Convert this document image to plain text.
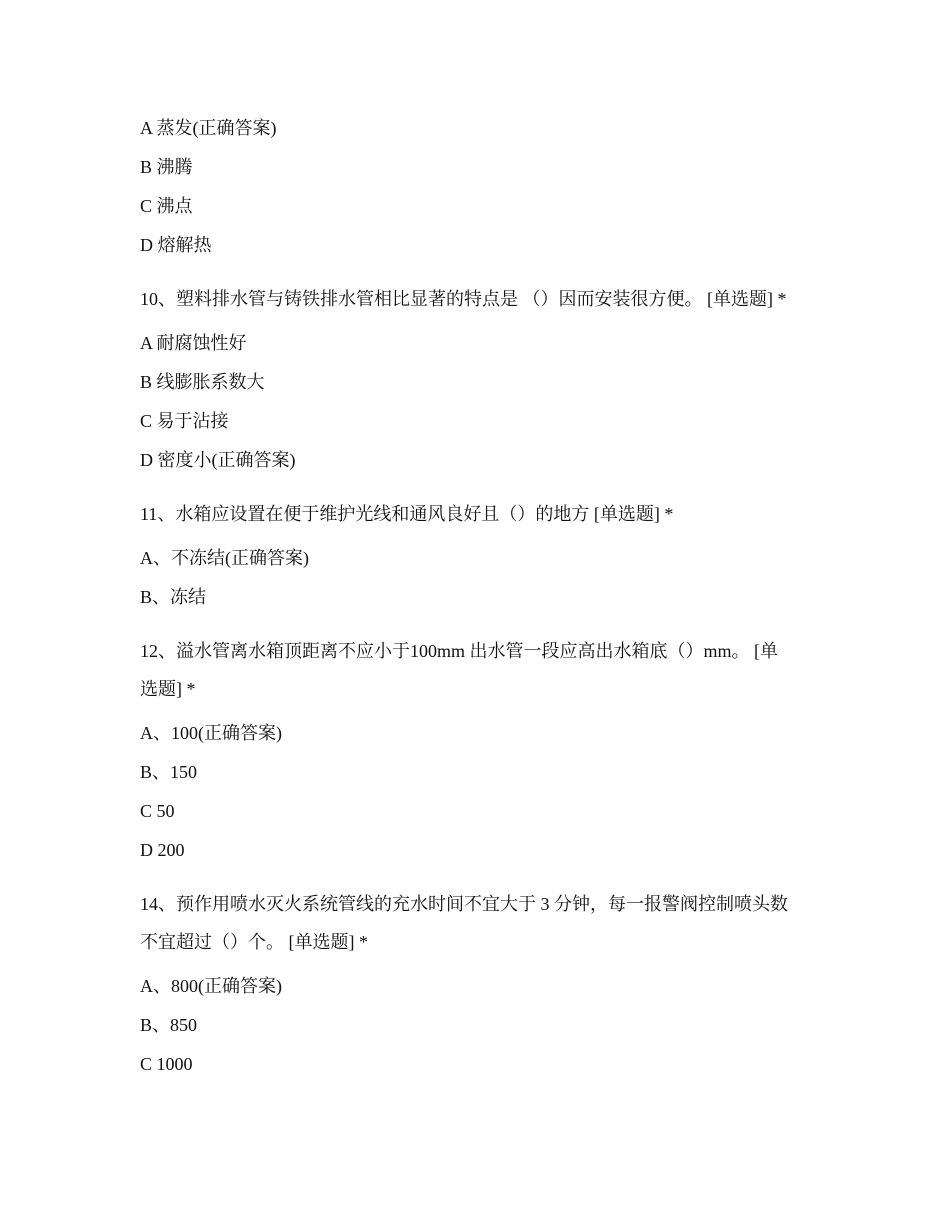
A 蒸发(正确答案)
B 沸腾
C 沸点
D 熔解热
10、塑料排水管与铸铁排水管相比显著的特点是 （）因而安装很方便。 [单选题] *
A 耐腐蚀性好
B 线膨胀系数大
C 易于沾接
D 密度小(正确答案)
11、水箱应设置在便于维护光线和通风良好且（）的地方 [单选题] *
A、不冻结(正确答案)
B、冻结
12、溢水管离水箱顶距离不应小于100mm 出水管一段应高出水箱底（）mm。 [单
选题] *
A、100(正确答案)
B、150
C 50
D 200
14、预作用喷水灭火系统管线的充水时间不宜大于 3 分钟，每一报警阀控制喷头数
不宜超过（）个。 [单选题] *
A、800(正确答案)
B、850
C 1000
